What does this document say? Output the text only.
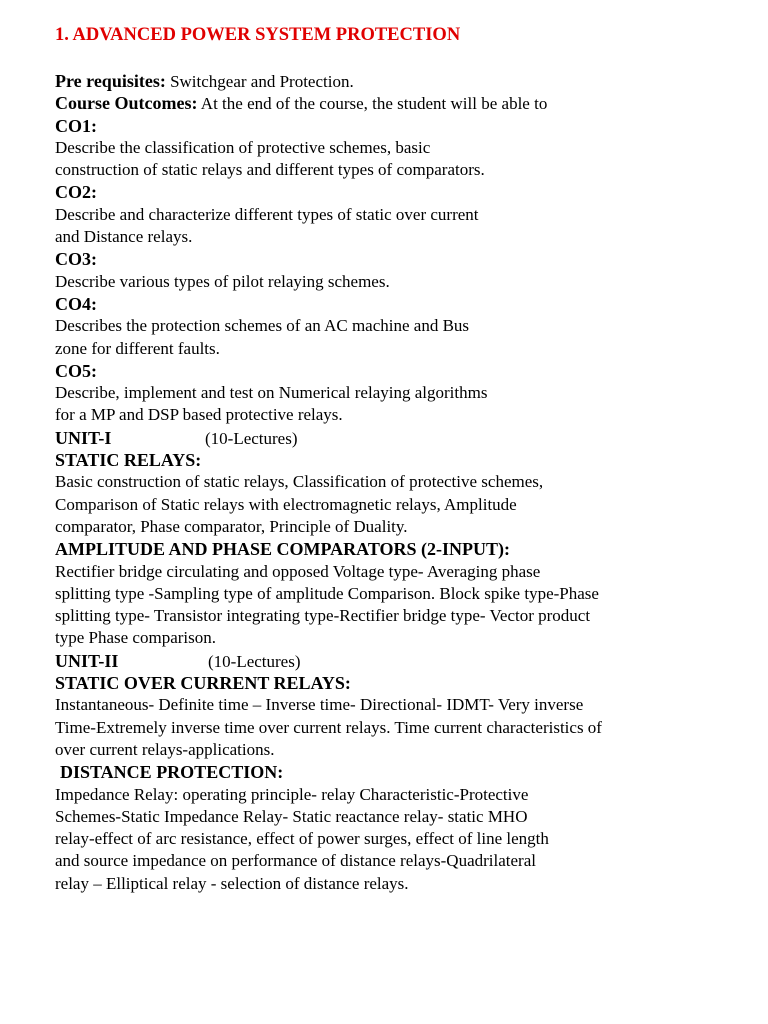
1. ADVANCED POWER SYSTEM PROTECTION
Pre requisites: Switchgear and Protection.
Course Outcomes: At the end of the course, the student will be able to
CO1:
Describe the classification of protective schemes, basic
construction of static relays and different types of comparators.
CO2:
Describe and characterize different types of static over current
and Distance relays.
CO3:
Describe various types of pilot relaying schemes.
CO4:
Describes the protection schemes of an AC machine and Bus
zone for different faults.
CO5:
Describe, implement and test on Numerical relaying algorithms
for a MP and DSP based protective relays.
UNIT-I	(10-Lectures)
STATIC RELAYS:
Basic construction of static relays, Classification of protective schemes,
Comparison of Static relays with electromagnetic relays, Amplitude
comparator, Phase comparator, Principle of Duality.
AMPLITUDE AND PHASE COMPARATORS (2-INPUT):
Rectifier bridge circulating and opposed Voltage type- Averaging phase
splitting type -Sampling type of amplitude Comparison. Block spike type-Phase
splitting type- Transistor integrating type-Rectifier bridge type- Vector product
type Phase comparison.
UNIT-II	(10-Lectures)
STATIC OVER CURRENT RELAYS:
Instantaneous- Definite time – Inverse time- Directional- IDMT- Very inverse
Time-Extremely inverse time over current relays. Time current characteristics of
over current relays-applications.
DISTANCE PROTECTION:
Impedance Relay: operating principle- relay Characteristic-Protective
Schemes-Static Impedance Relay- Static reactance relay- static MHO
relay-effect of arc resistance, effect of power surges, effect of line length
and source impedance on performance of distance relays-Quadrilateral
relay – Elliptical relay - selection of distance relays.
